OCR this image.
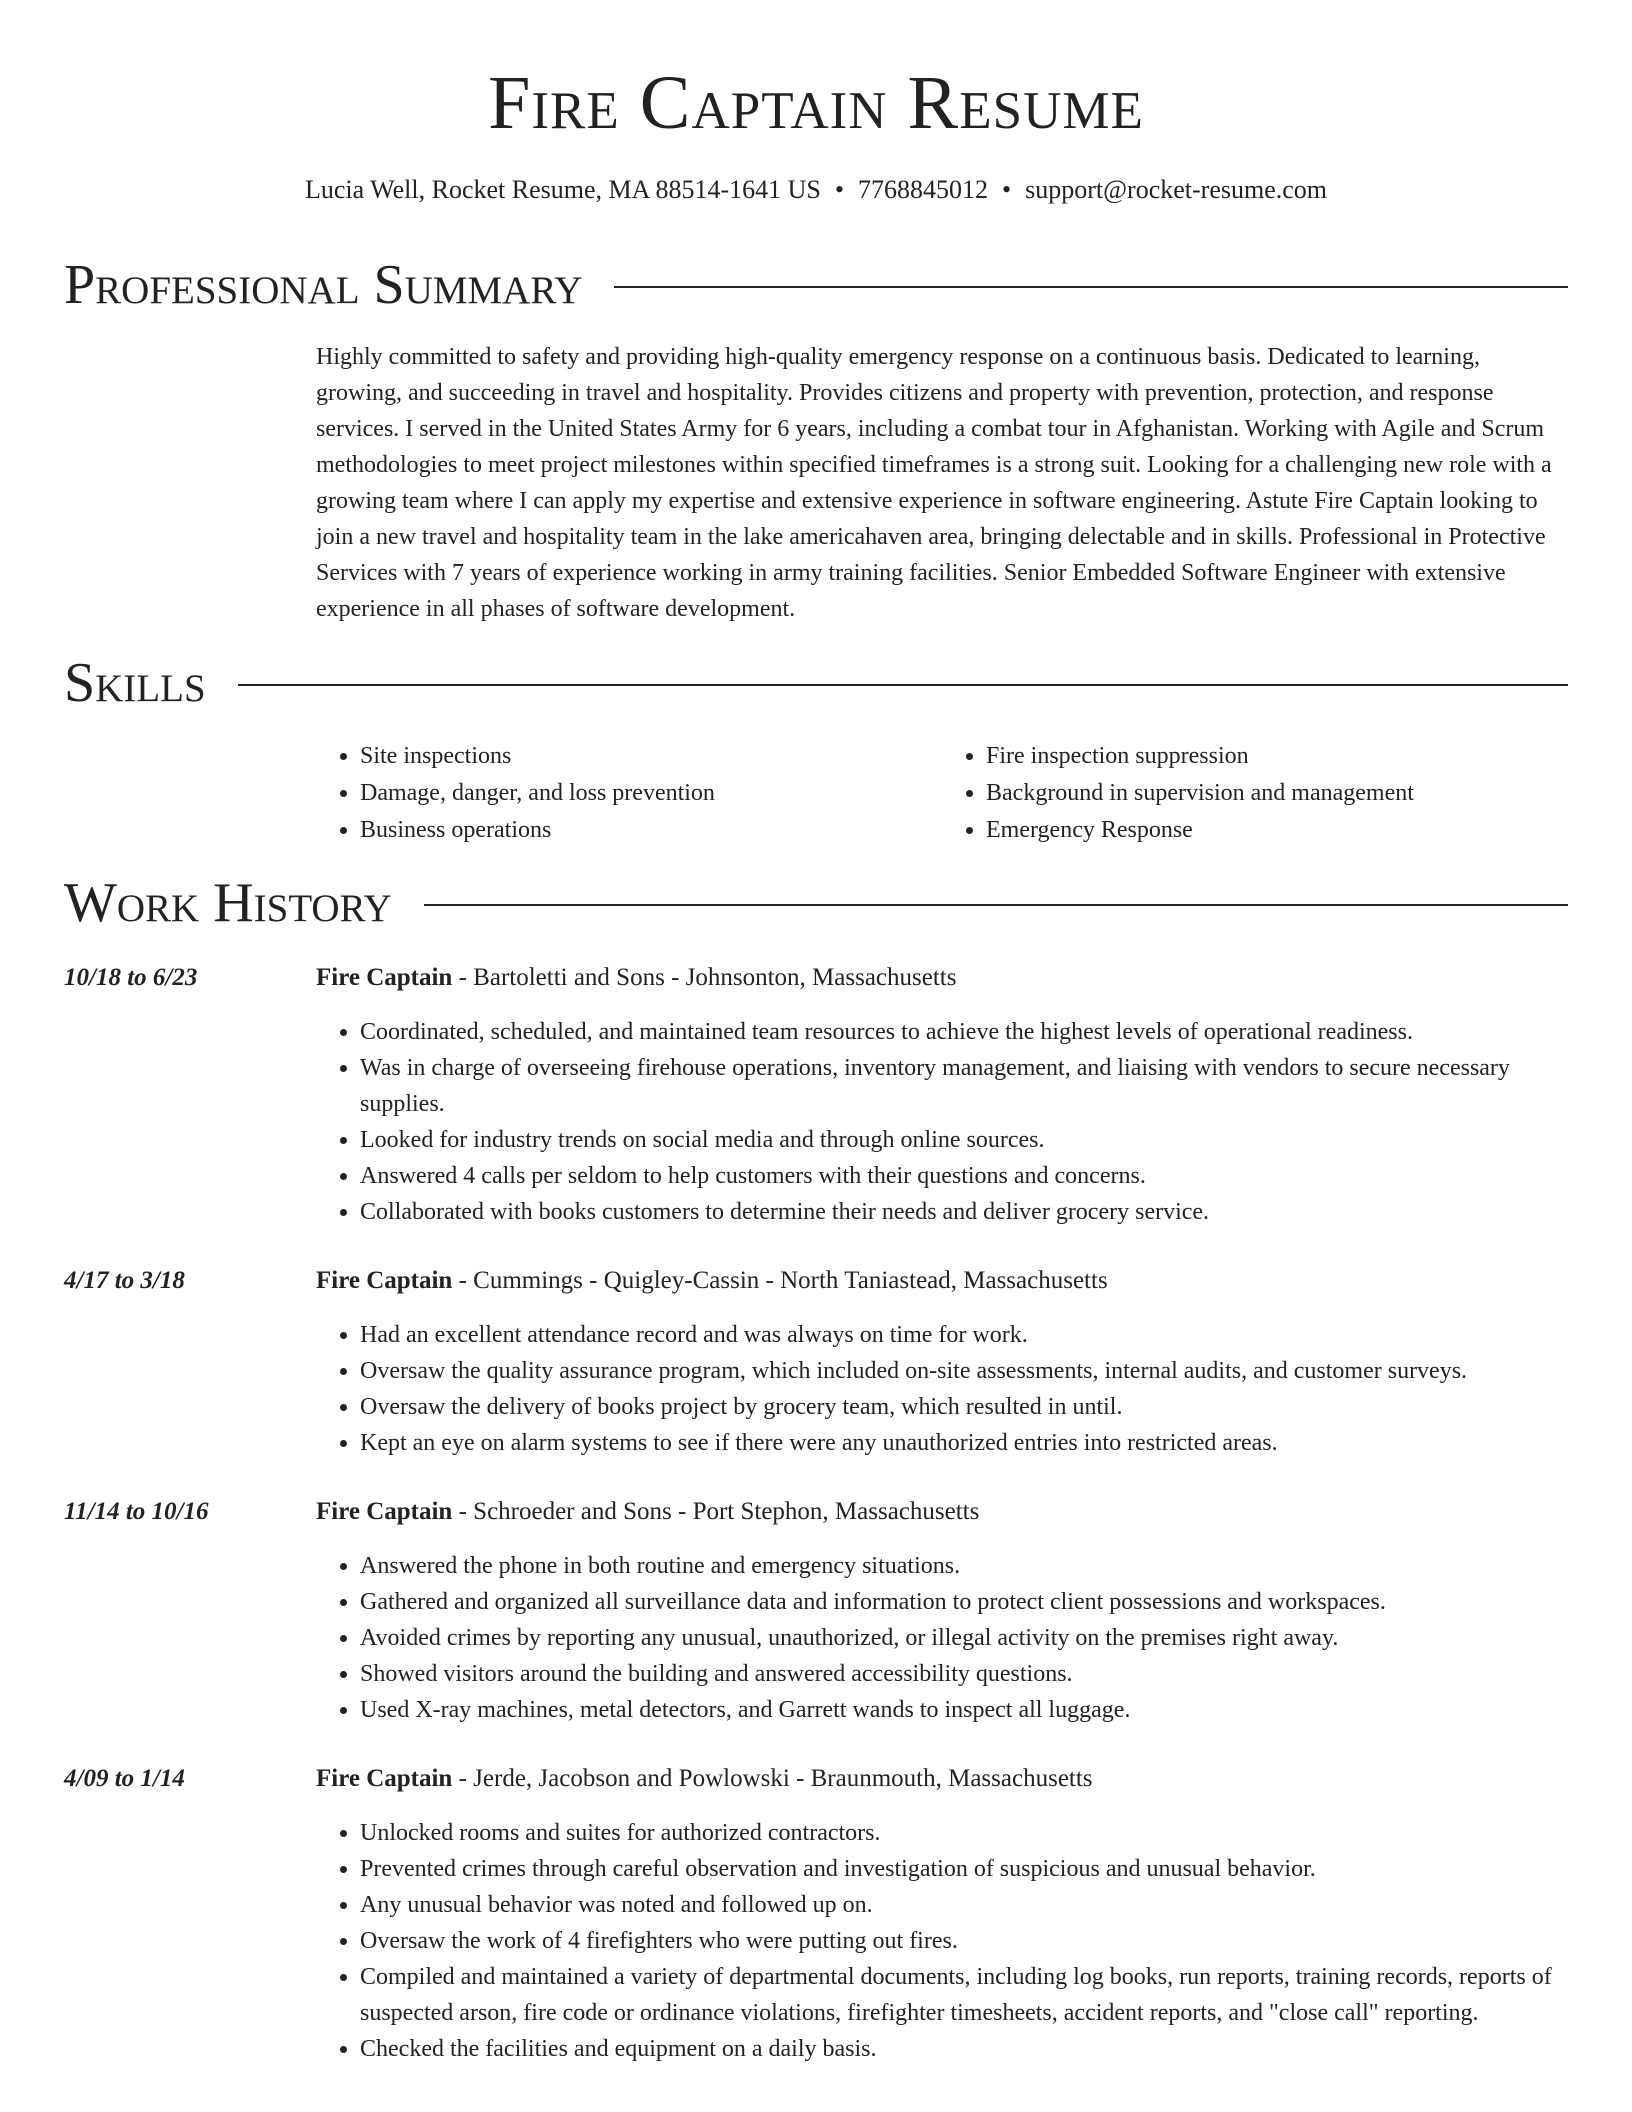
Fire Captain Resume
Lucia Well, Rocket Resume, MA 88514-1641 US • 7768845012 • support@rocket-resume.com
Professional Summary
Highly committed to safety and providing high-quality emergency response on a continuous basis. Dedicated to learning, growing, and succeeding in travel and hospitality. Provides citizens and property with prevention, protection, and response services. I served in the United States Army for 6 years, including a combat tour in Afghanistan. Working with Agile and Scrum methodologies to meet project milestones within specified timeframes is a strong suit. Looking for a challenging new role with a growing team where I can apply my expertise and extensive experience in software engineering. Astute Fire Captain looking to join a new travel and hospitality team in the lake americahaven area, bringing delectable and in skills. Professional in Protective Services with 7 years of experience working in army training facilities. Senior Embedded Software Engineer with extensive experience in all phases of software development.
Skills
• Site inspections
• Damage, danger, and loss prevention
• Business operations
• Fire inspection suppression
• Background in supervision and management
• Emergency Response
Work History
10/18 to 6/23	Fire Captain - Bartoletti and Sons - Johnsonton, Massachusetts
• Coordinated, scheduled, and maintained team resources to achieve the highest levels of operational readiness.
• Was in charge of overseeing firehouse operations, inventory management, and liaising with vendors to secure necessary supplies.
• Looked for industry trends on social media and through online sources.
• Answered 4 calls per seldom to help customers with their questions and concerns.
• Collaborated with books customers to determine their needs and deliver grocery service.
4/17 to 3/18	Fire Captain - Cummings - Quigley-Cassin - North Taniastead, Massachusetts
• Had an excellent attendance record and was always on time for work.
• Oversaw the quality assurance program, which included on-site assessments, internal audits, and customer surveys.
• Oversaw the delivery of books project by grocery team, which resulted in until.
• Kept an eye on alarm systems to see if there were any unauthorized entries into restricted areas.
11/14 to 10/16	Fire Captain - Schroeder and Sons - Port Stephon, Massachusetts
• Answered the phone in both routine and emergency situations.
• Gathered and organized all surveillance data and information to protect client possessions and workspaces.
• Avoided crimes by reporting any unusual, unauthorized, or illegal activity on the premises right away.
• Showed visitors around the building and answered accessibility questions.
• Used X-ray machines, metal detectors, and Garrett wands to inspect all luggage.
4/09 to 1/14	Fire Captain - Jerde, Jacobson and Powlowski - Braunmouth, Massachusetts
• Unlocked rooms and suites for authorized contractors.
• Prevented crimes through careful observation and investigation of suspicious and unusual behavior.
• Any unusual behavior was noted and followed up on.
• Oversaw the work of 4 firefighters who were putting out fires.
• Compiled and maintained a variety of departmental documents, including log books, run reports, training records, reports of suspected arson, fire code or ordinance violations, firefighter timesheets, accident reports, and "close call" reporting.
• Checked the facilities and equipment on a daily basis.
